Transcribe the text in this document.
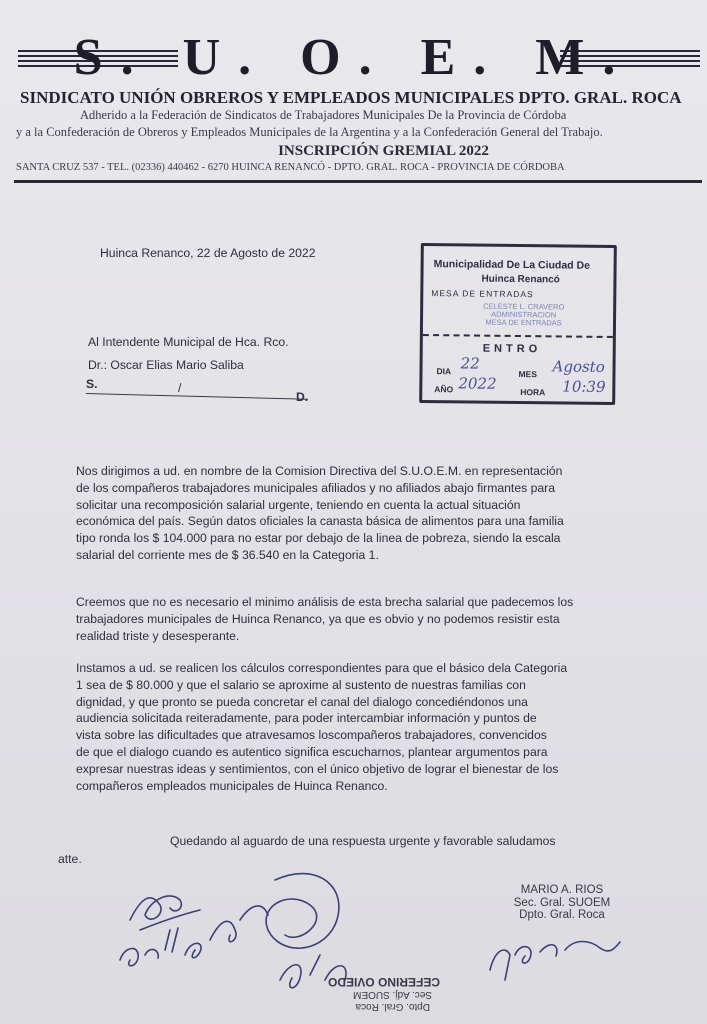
S. U. O. E. M.
SINDICATO UNIÓN OBREROS Y EMPLEADOS MUNICIPALES DPTO. GRAL. ROCA
Adherido a la Federación de Sindicatos de Trabajadores Municipales De la Provincia de Córdoba
y a la Confederación de Obreros y Empleados Municipales de la Argentina y a la Confederación General del Trabajo.
INSCRIPCIÓN GREMIAL 2022
SANTA CRUZ 537 - TEL. (02336) 440462 - 6270 HUINCA RENANCÓ - DPTO. GRAL. ROCA - PROVINCIA DE CÓRDOBA
Huinca Renanco, 22 de Agosto de 2022
Al Intendente Municipal de Hca. Rco.
Dr.: Oscar Elias Mario Saliba
S.	/
D.
Municipalidad De La Ciudad De
Huinca Renancó
MESA DE ENTRADAS
CELESTE L. CRAVERO
ADMINISTRACION
MESA DE ENTRADAS
ENTRO
DIA 22
MES Agosto
AÑO 2022	HORA 10:39
Nos dirigimos a ud. en nombre de la Comision Directiva del S.U.O.E.M. en representación
de los compañeros trabajadores municipales afiliados y no afiliados abajo firmantes para
solicitar una recomposición salarial urgente, teniendo en cuenta la actual situación
económica del país. Según datos oficiales la canasta básica de alimentos para una familia
tipo ronda los $ 104.000 para no estar por debajo de la linea de pobreza, siendo la escala
salarial del corriente mes de $ 36.540 en la Categoria 1.
Creemos que no es necesario el minimo análisis de esta brecha salarial que padecemos los
trabajadores municipales de Huinca Renanco, ya que es obvio y no podemos resistir esta
realidad triste y desesperante.
Instamos a ud. se realicen los cálculos correspondientes para que el básico dela Categoria
1 sea de $ 80.000 y que el salario se aproxime al sustento de nuestras familias con
dignidad, y que pronto se pueda concretar el canal del dialogo concediéndonos una
audiencia solicitada reiteradamente, para poder intercambiar información y puntos de
vista sobre las dificultades que atravesamos loscompañeros trabajadores, convencidos
de que el dialogo cuando es autentico significa escucharnos, plantear argumentos para
expresar nuestras ideas y sentimientos, con el único objetivo de lograr el bienestar de los
compañeros empleados municipales de Huinca Renanco.
Quedando al aguardo de una respuesta urgente y favorable saludamos
atte.
CEFERINO OVIEDO
Sec. Adj. SUOEM
Dpto. Gral. Roca
MARIO A. RIOS
Sec. Gral. SUOEM
Dpto. Gral. Roca
